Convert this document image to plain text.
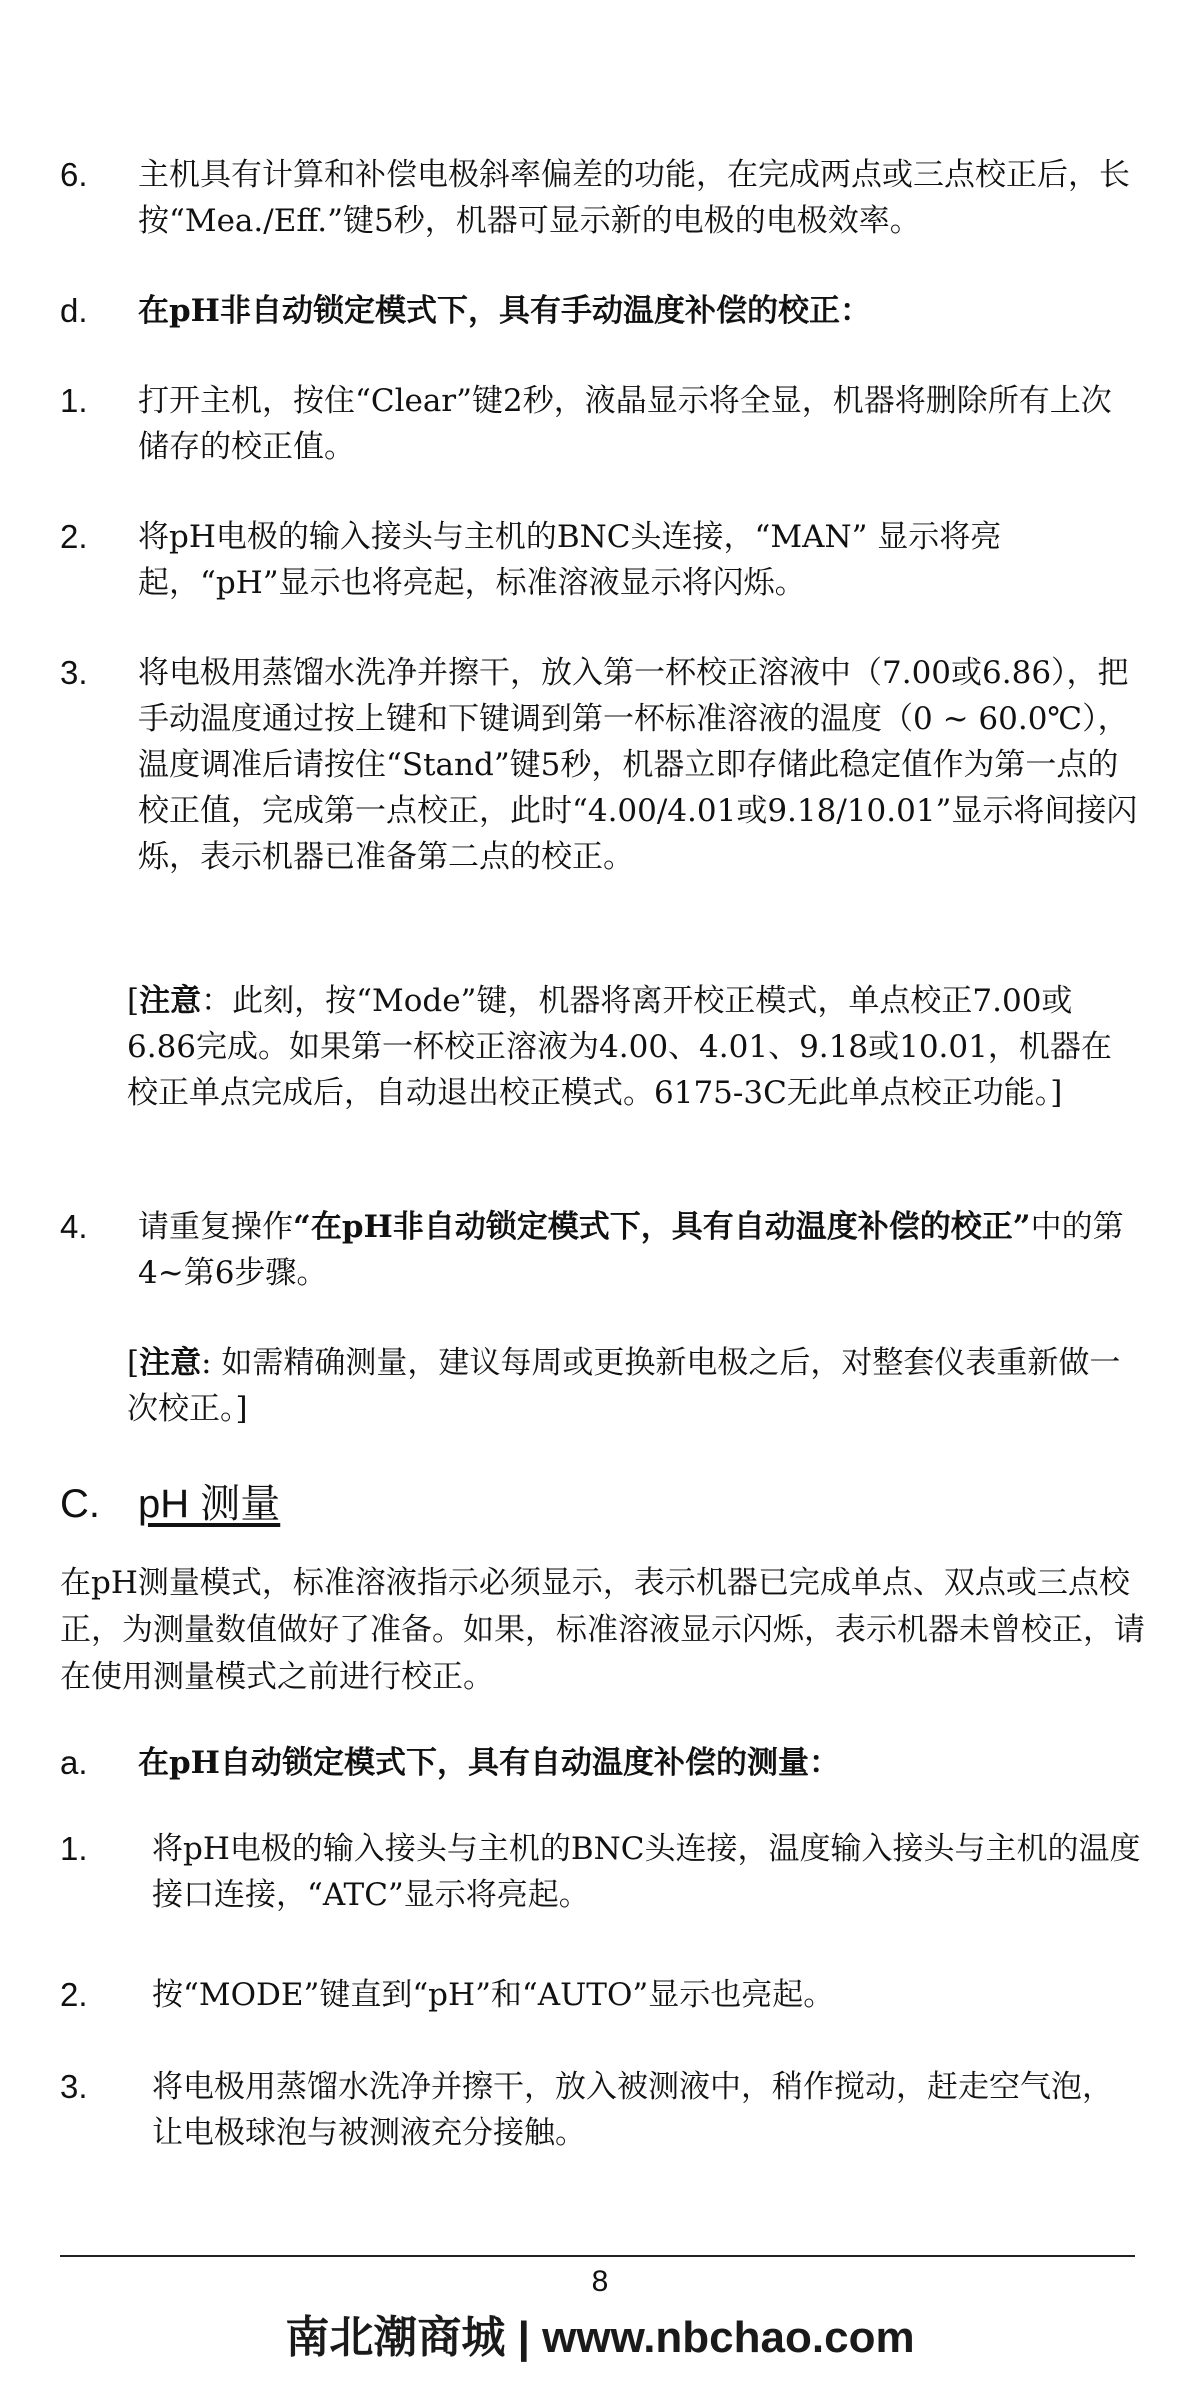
6. 主机具有计算和补偿电极斜率偏差的功能，在完成两点或三点校正后，长按“Mea./Eff.”键5秒，机器可显示新的电极的电极效率。
d. 在pH非自动锁定模式下，具有手动温度补偿的校正：
1. 打开主机，按住“Clear”键2秒，液晶显示将全显，机器将删除所有上次储存的校正值。
2. 将pH电极的输入接头与主机的BNC头连接，“MAN” 显示将亮起，“pH”显示也将亮起，标准溶液显示将闪烁。
3. 将电极用蒸馏水洗净并擦干，放入第一杯校正溶液中（7.00或6.86），把手动温度通过按上键和下键调到第一杯标准溶液的温度（0 ~ 60.0℃），温度调准后请按住“Stand”键5秒，机器立即存储此稳定值作为第一点的校正值，完成第一点校正，此时“4.00/4.01或9.18/10.01”显示将间接闪烁，表示机器已准备第二点的校正。
[注意：此刻，按“Mode”键，机器将离开校正模式，单点校正7.00或6.86完成。如果第一杯校正溶液为4.00、4.01、9.18或10.01，机器在校正单点完成后，自动退出校正模式。6175-3C无此单点校正功能。]
4. 请重复操作“在pH非自动锁定模式下，具有自动温度补偿的校正”中的第4~第6步骤。
[注意: 如需精确测量，建议每周或更换新电极之后，对整套仪表重新做一次校正。]
C. pH 测量
在pH测量模式，标准溶液指示必须显示，表示机器已完成单点、双点或三点校正，为测量数值做好了准备。如果，标准溶液显示闪烁，表示机器未曾校正，请在使用测量模式之前进行校正。
a. 在pH自动锁定模式下，具有自动温度补偿的测量：
1. 将pH电极的输入接头与主机的BNC头连接，温度输入接头与主机的温度接口连接，“ATC”显示将亮起。
2. 按“MODE”键直到“pH”和“AUTO”显示也亮起。
3. 将电极用蒸馏水洗净并擦干，放入被测液中，稍作搅动，赶走空气泡，让电极球泡与被测液充分接触。
8
南北潮商城 | www.nbchao.com
